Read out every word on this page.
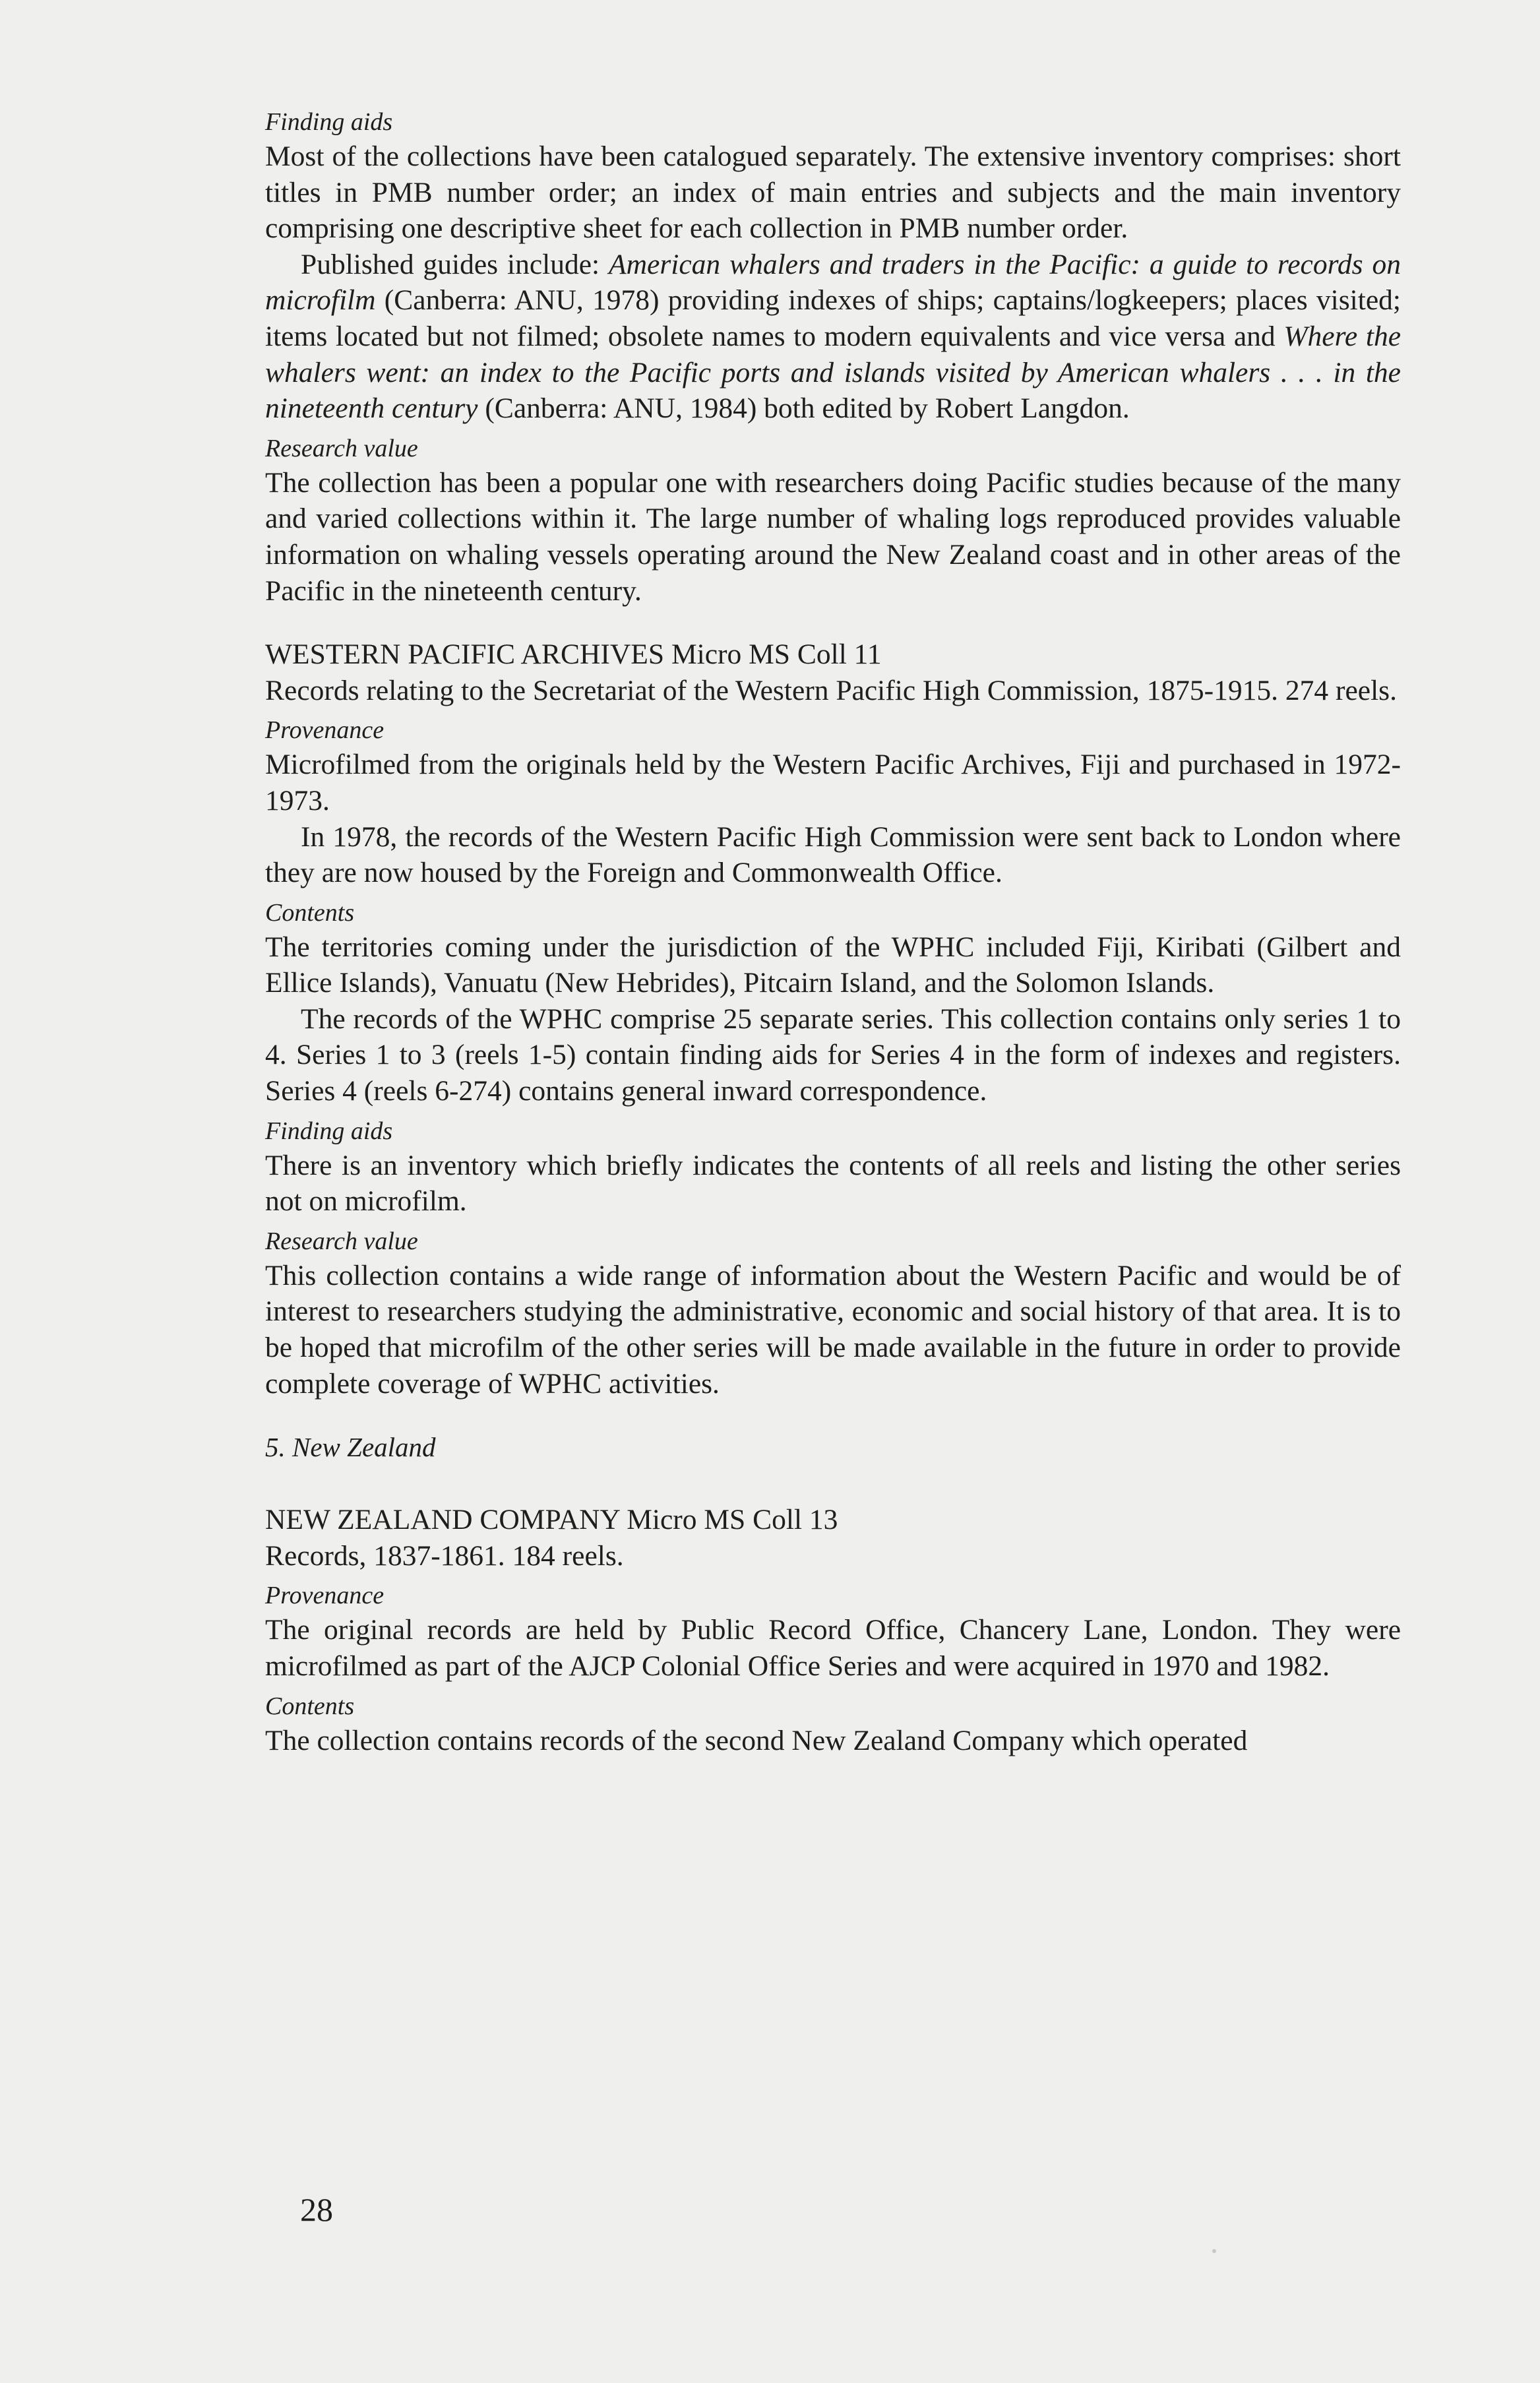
Finding aids

Most of the collections have been catalogued separately. The extensive inventory comprises: short titles in PMB number order; an index of main entries and subjects and the main inventory comprising one descriptive sheet for each collection in PMB number order.

Published guides include: American whalers and traders in the Pacific: a guide to records on microfilm (Canberra: ANU, 1978) providing indexes of ships; captains/logkeepers; places visited; items located but not filmed; obsolete names to modern equivalents and vice versa and Where the whalers went: an index to the Pacific ports and islands visited by American whalers . . . in the nineteenth century (Canberra: ANU, 1984) both edited by Robert Langdon.

Research value

The collection has been a popular one with researchers doing Pacific studies because of the many and varied collections within it. The large number of whaling logs reproduced provides valuable information on whaling vessels operating around the New Zealand coast and in other areas of the Pacific in the nineteenth century.

WESTERN PACIFIC ARCHIVES Micro MS Coll 11

Records relating to the Secretariat of the Western Pacific High Commission, 1875-1915. 274 reels.

Provenance

Microfilmed from the originals held by the Western Pacific Archives, Fiji and purchased in 1972-1973.

In 1978, the records of the Western Pacific High Commission were sent back to London where they are now housed by the Foreign and Commonwealth Office.

Contents

The territories coming under the jurisdiction of the WPHC included Fiji, Kiribati (Gilbert and Ellice Islands), Vanuatu (New Hebrides), Pitcairn Island, and the Solomon Islands.

The records of the WPHC comprise 25 separate series. This collection contains only series 1 to 4. Series 1 to 3 (reels 1-5) contain finding aids for Series 4 in the form of indexes and registers. Series 4 (reels 6-274) contains general inward correspondence.

Finding aids

There is an inventory which briefly indicates the contents of all reels and listing the other series not on microfilm.

Research value

This collection contains a wide range of information about the Western Pacific and would be of interest to researchers studying the administrative, economic and social history of that area. It is to be hoped that microfilm of the other series will be made available in the future in order to provide complete coverage of WPHC activities.

5. New Zealand
NEW ZEALAND COMPANY Micro MS Coll 13

Records, 1837-1861. 184 reels.

Provenance

The original records are held by Public Record Office, Chancery Lane, London. They were microfilmed as part of the AJCP Colonial Office Series and were acquired in 1970 and 1982.

Contents

The collection contains records of the second New Zealand Company which operated

28
